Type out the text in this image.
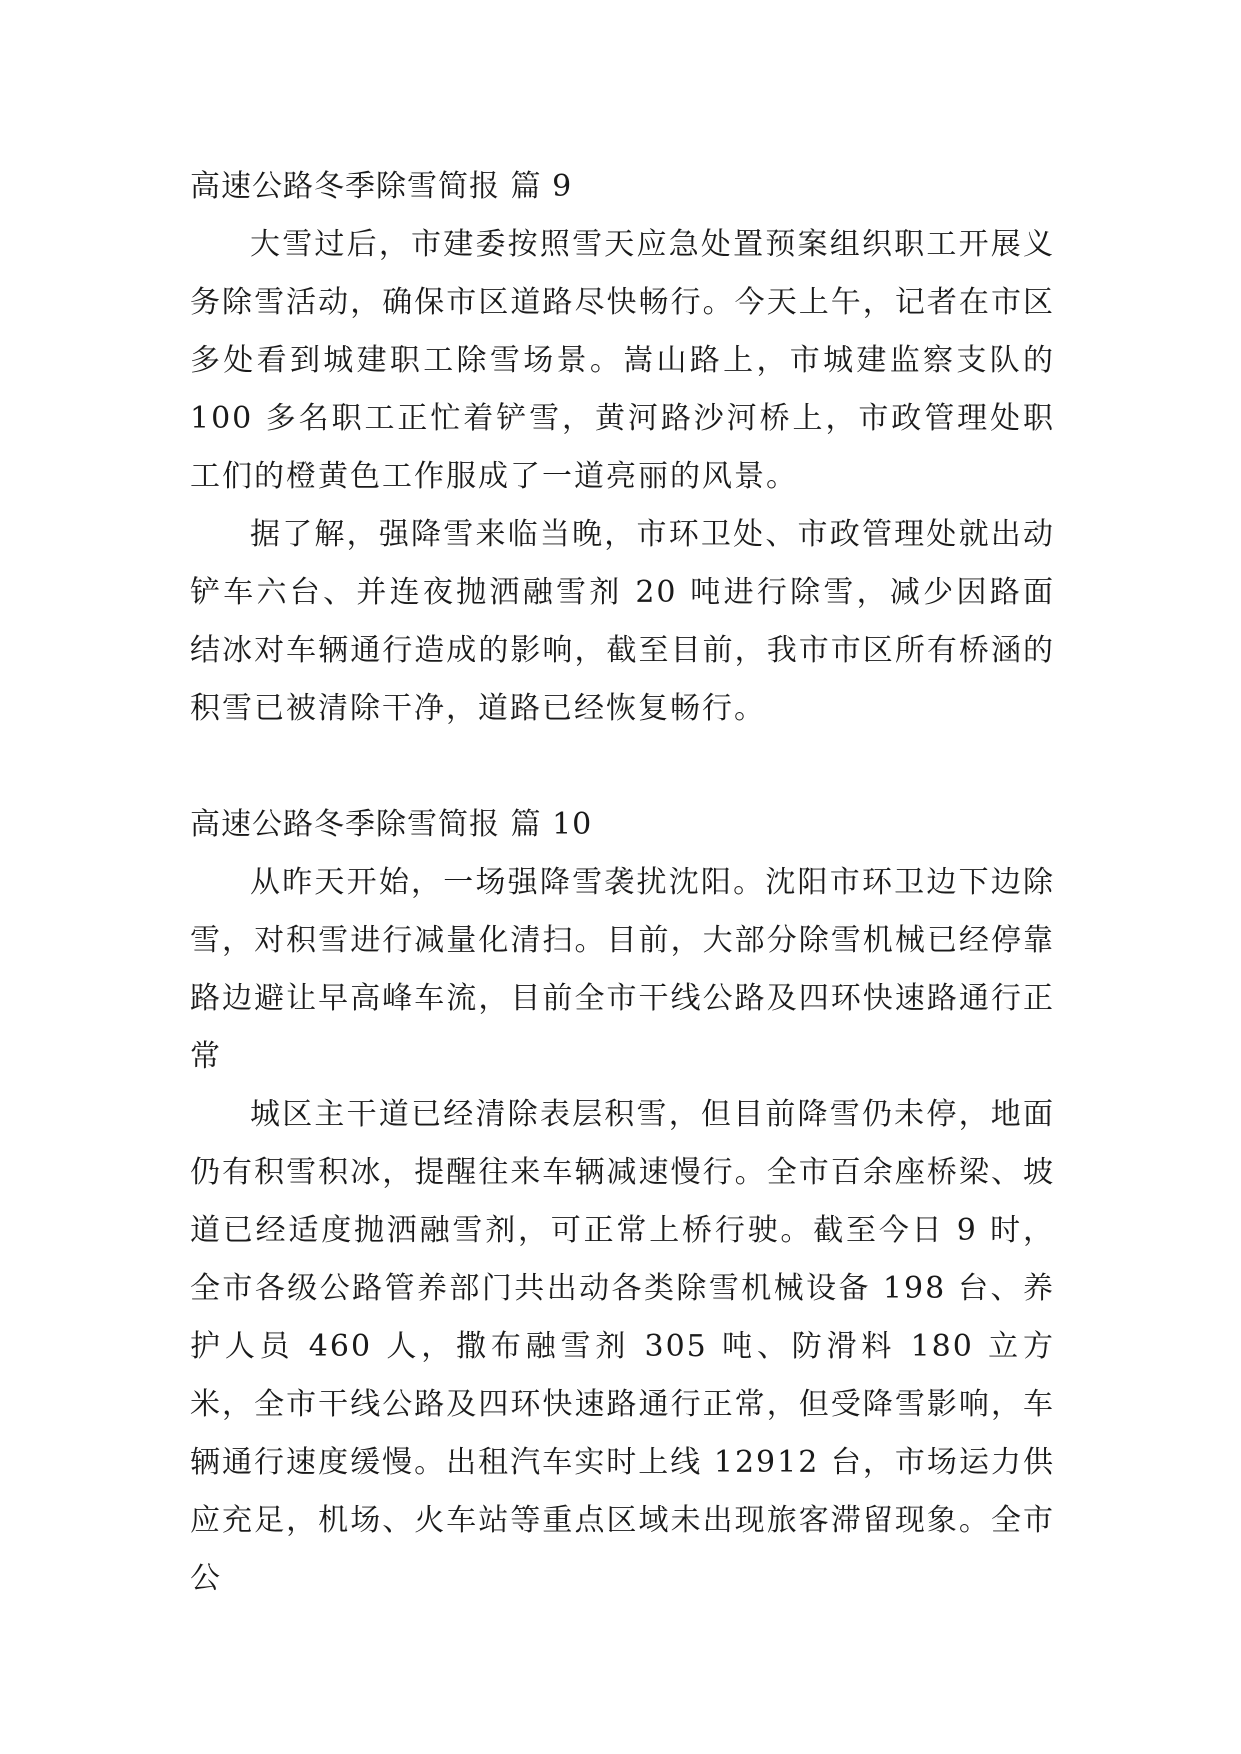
高速公路冬季除雪简报 篇 9

大雪过后，市建委按照雪天应急处置预案组织职工开展义务除雪活动，确保市区道路尽快畅行。今天上午，记者在市区多处看到城建职工除雪场景。嵩山路上，市城建监察支队的 100 多名职工正忙着铲雪，黄河路沙河桥上，市政管理处职工们的橙黄色工作服成了一道亮丽的风景。

据了解，强降雪来临当晚，市环卫处、市政管理处就出动铲车六台、并连夜抛洒融雪剂 20 吨进行除雪，减少因路面结冰对车辆通行造成的影响，截至目前，我市市区所有桥涵的积雪已被清除干净，道路已经恢复畅行。

高速公路冬季除雪简报 篇 10

从昨天开始，一场强降雪袭扰沈阳。沈阳市环卫边下边除雪，对积雪进行减量化清扫。目前，大部分除雪机械已经停靠路边避让早高峰车流，目前全市干线公路及四环快速路通行正常

城区主干道已经清除表层积雪，但目前降雪仍未停，地面仍有积雪积冰，提醒往来车辆减速慢行。全市百余座桥梁、坡道已经适度抛洒融雪剂，可正常上桥行驶。截至今日 9 时，全市各级公路管养部门共出动各类除雪机械设备 198 台、养护人员 460 人，撒布融雪剂 305 吨、防滑料 180 立方米，全市干线公路及四环快速路通行正常，但受降雪影响，车辆通行速度缓慢。出租汽车实时上线 12912 台，市场运力供应充足，机场、火车站等重点区域未出现旅客滞留现象。全市公
